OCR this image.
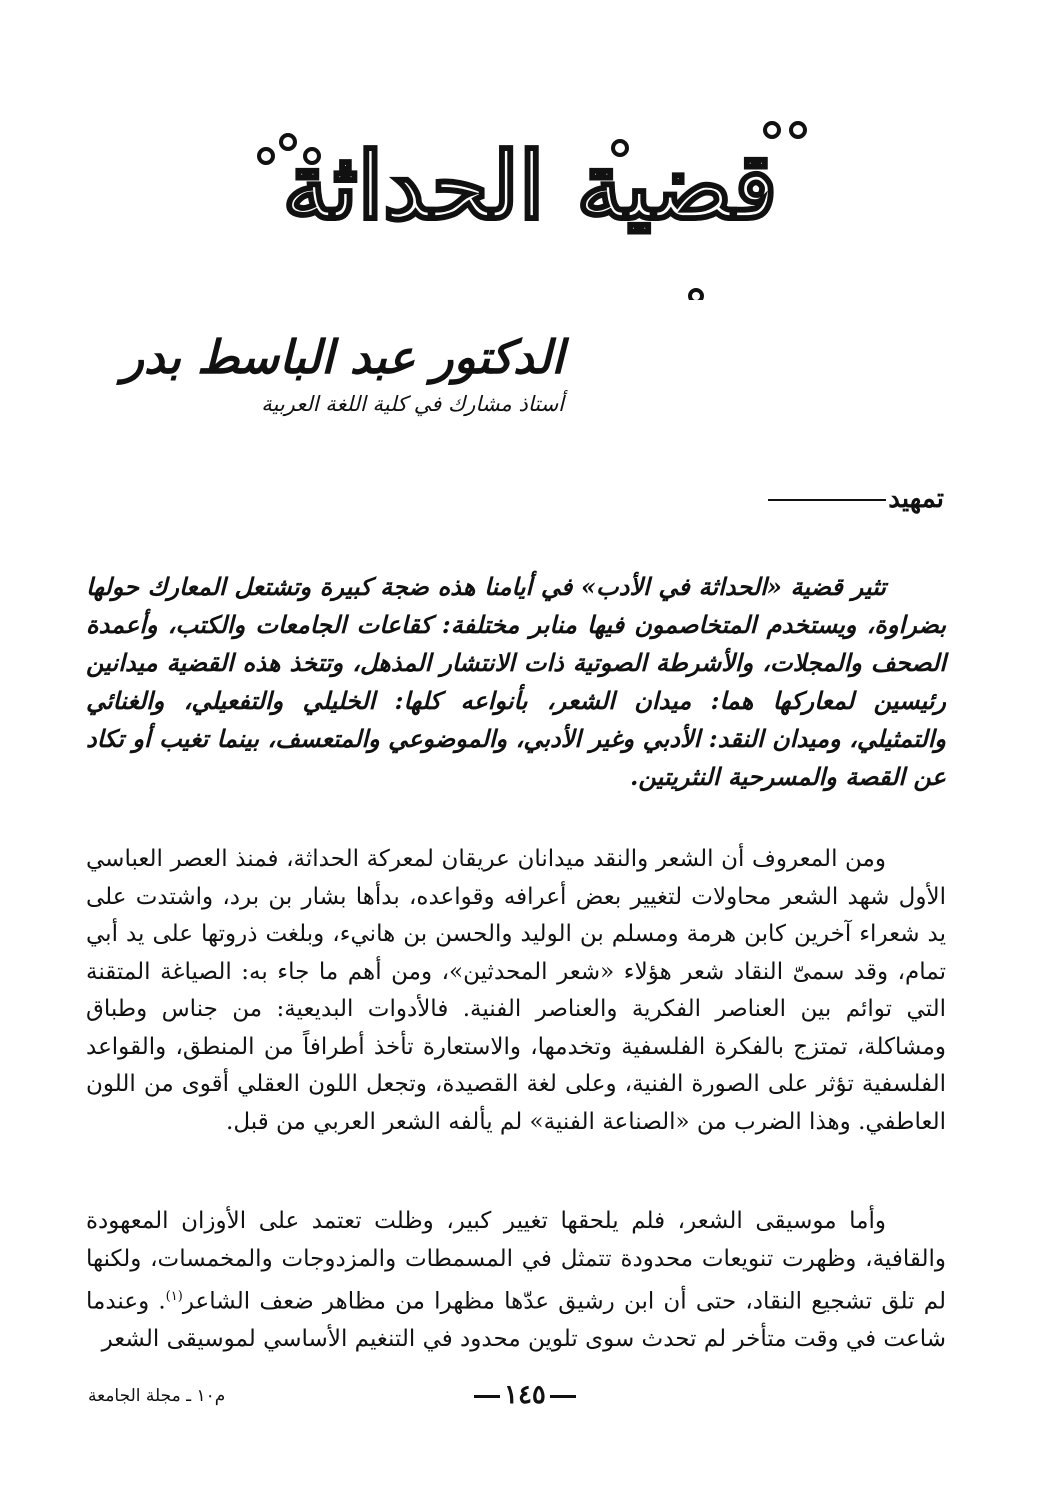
قضية الحداثة
الدكتور عبد الباسط بدر
أستاذ مشارك في كلية اللغة العربية
تمهيد

تثير قضية «الحداثة في الأدب» في أيامنا هذه ضجة كبيرة وتشتعل المعارك حولها بضراوة، ويستخدم المتخاصمون فيها منابر مختلفة: كقاعات الجامعات والكتب، وأعمدة الصحف والمجلات، والأشرطة الصوتية ذات الانتشار المذهل، وتتخذ هذه القضية ميدانين رئيسين لمعاركها هما: ميدان الشعر، بأنواعه كلها: الخليلي والتفعيلي، والغنائي والتمثيلي، وميدان النقد: الأدبي وغير الأدبي، والموضوعي والمتعسف، بينما تغيب أو تكاد عن القصة والمسرحية النثريتين.

ومن المعروف أن الشعر والنقد ميدانان عريقان لمعركة الحداثة، فمنذ العصر العباسي الأول شهد الشعر محاولات لتغيير بعض أعرافه وقواعده، بدأها بشار بن برد، واشتدت على يد شعراء آخرين كابن هرمة ومسلم بن الوليد والحسن بن هانيء، وبلغت ذروتها على يد أبي تمام، وقد سمىّ النقاد شعر هؤلاء «شعر المحدثين»، ومن أهم ما جاء به: الصياغة المتقنة التي توائم بين العناصر الفكرية والعناصر الفنية. فالأدوات البديعية: من جناس وطباق ومشاكلة، تمتزج بالفكرة الفلسفية وتخدمها، والاستعارة تأخذ أطرافاً من المنطق، والقواعد الفلسفية تؤثر على الصورة الفنية، وعلى لغة القصيدة، وتجعل اللون العقلي أقوى من اللون العاطفي. وهذا الضرب من «الصناعة الفنية» لم يألفه الشعر العربي من قبل.

وأما موسيقى الشعر، فلم يلحقها تغيير كبير، وظلت تعتمد على الأوزان المعهودة والقافية، وظهرت تنويعات محدودة تتمثل في المسمطات والمزدوجات والمخمسات، ولكنها لم تلق تشجيع النقاد، حتى أن ابن رشيق عدّها مظهرا من مظاهر ضعف الشاعر$^{(١)}$. وعندما شاعت في وقت متأخر لم تحدث سوى تلوين محدود في التنغيم الأساسي لموسيقى الشعر

١٤٥
م١٠ ـ مجلة الجامعة
